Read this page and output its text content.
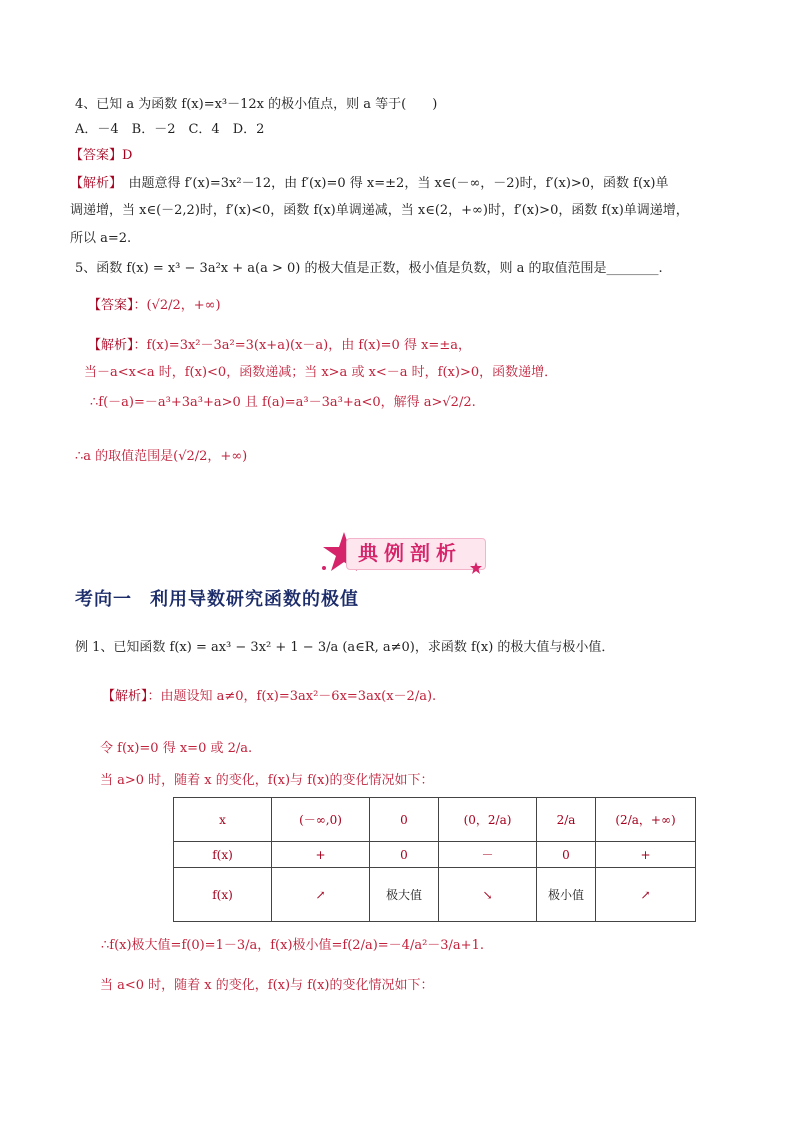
4、已知 a 为函数 f(x)=x³－12x 的极小值点，则 a 等于(　　)
A．－4　B．－2　C．4　D．2
【答案】D
【解析】　由题意得 f′(x)=3x²－12，由 f′(x)=0 得 x=±2，当 x∈(－∞，－2)时，f′(x)>0，函数 f(x)单
调递增，当 x∈(－2,2)时，f′(x)<0，函数 f(x)单调递减，当 x∈(2，+∞)时，f′(x)>0，函数 f(x)单调递增，
所以 a=2.
5、函数 f(x) = x³ − 3a²x + a(a > 0) 的极大值是正数，极小值是负数，则 a 的取值范围是________.
【答案】：(√2/2，+∞)
【解析】：f(x)=3x²－3a²=3(x+a)(x－a)，由 f(x)=0 得 x=±a，
当－a<x<a 时，f(x)<0，函数递减；当 x>a 或 x<－a 时，f(x)>0，函数递增．
∴f(－a)=－a³+3a³+a>0 且 f(a)=a³－3a³+a<0，解得 a>√2/2.
∴a 的取值范围是(√2/2，+∞)
典例剖析
考向一 利用导数研究函数的极值
例 1、已知函数 f(x) = ax³ − 3x² + 1 − 3/a (a∈R, a≠0)，求函数 f(x) 的极大值与极小值．
【解析】：由题设知 a≠0，f(x)=3ax²－6x=3ax(x－2/a).
令 f(x)=0 得 x=0 或 2/a.
当 a>0 时，随着 x 的变化，f(x)与 f(x)的变化情况如下：
x	(－∞,0)	0	(0，2/a)	2/a	(2/a，+∞)
f(x)	+	0	－	0	+
f(x)	↗	极大值	↘	极小值	↗
∴f(x)极大值=f(0)=1－3/a，f(x)极小值=f(2/a)=－4/a²－3/a+1.
当 a<0 时，随着 x 的变化，f(x)与 f(x)的变化情况如下：
